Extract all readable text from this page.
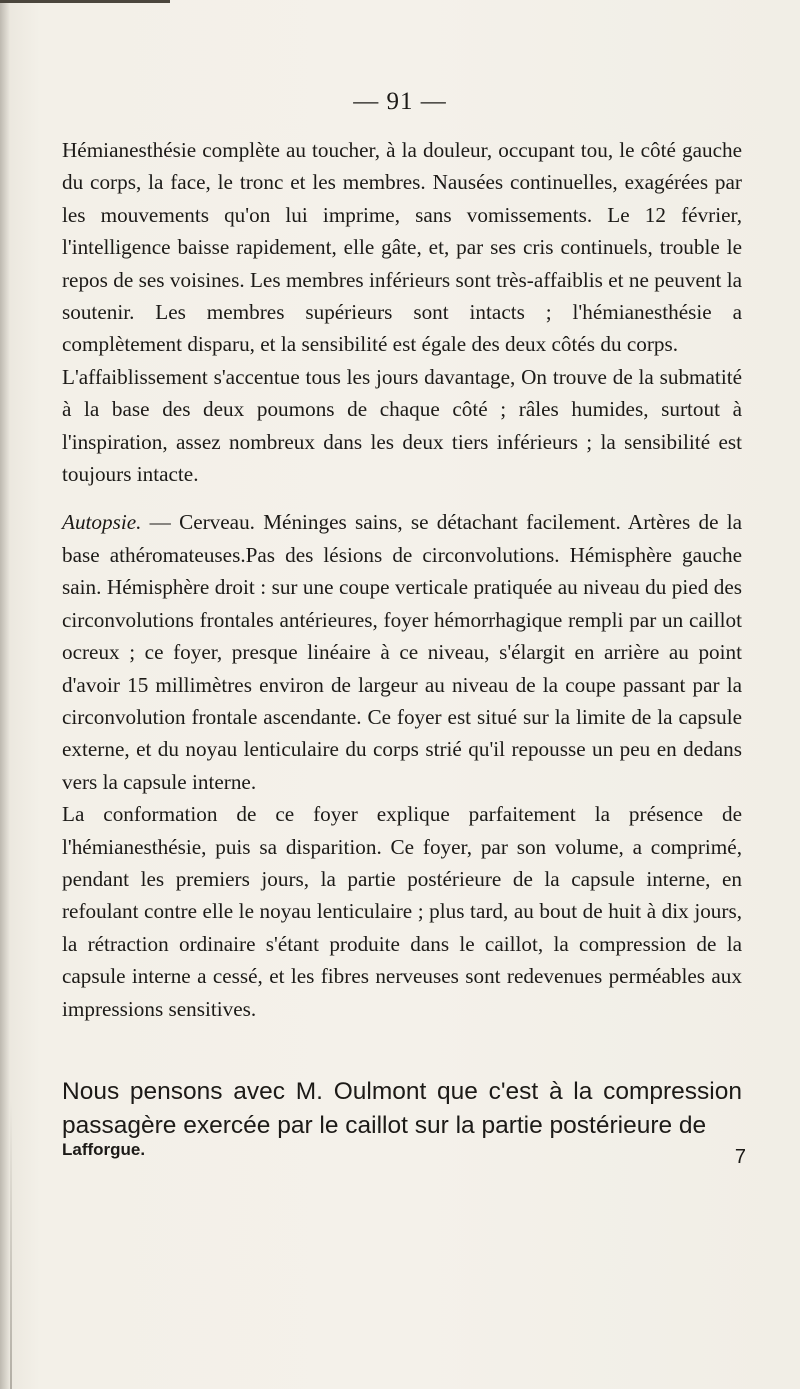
— 91 —

Hémianesthésie complète au toucher, à la douleur, occupant tou, le côté gauche du corps, la face, le tronc et les membres. Nausées continuelles, exagérées par les mouvements qu'on lui imprime, sans vomissements. Le 12 février, l'intelligence baisse rapidement, elle gâte, et, par ses cris continuels, trouble le repos de ses voisines. Les membres inférieurs sont très-affaiblis et ne peuvent la soutenir. Les membres supérieurs sont intacts ; l'hémianesthésie a complètement disparu, et la sensibilité est égale des deux côtés du corps.

L'affaiblissement s'accentue tous les jours davantage, On trouve de la submatité à la base des deux poumons de chaque côté ; râles humides, surtout à l'inspiration, assez nombreux dans les deux tiers inférieurs ; la sensibilité est toujours intacte.

Autopsie. — Cerveau. Méninges sains, se détachant facilement. Artères de la base athéromateuses.Pas des lésions de circonvolutions. Hémisphère gauche sain. Hémisphère droit : sur une coupe verticale pratiquée au niveau du pied des circonvolutions frontales antérieures, foyer hémorrhagique rempli par un caillot ocreux ; ce foyer, presque linéaire à ce niveau, s'élargit en arrière au point d'avoir 15 millimètres environ de largeur au niveau de la coupe passant par la circonvolution frontale ascendante. Ce foyer est situé sur la limite de la capsule externe, et du noyau lenticulaire du corps strié qu'il repousse un peu en dedans vers la capsule interne.

La conformation de ce foyer explique parfaitement la présence de l'hémianesthésie, puis sa disparition. Ce foyer, par son volume, a comprimé, pendant les premiers jours, la partie postérieure de la capsule interne, en refoulant contre elle le noyau lenticulaire ; plus tard, au bout de huit à dix jours, la rétraction ordinaire s'étant produite dans le caillot, la compression de la capsule interne a cessé, et les fibres nerveuses sont redevenues perméables aux impressions sensitives.

Nous pensons avec M. Oulmont que c'est à la compression passagère exercée par le caillot sur la partie postérieure de

Lafforgue.	7
